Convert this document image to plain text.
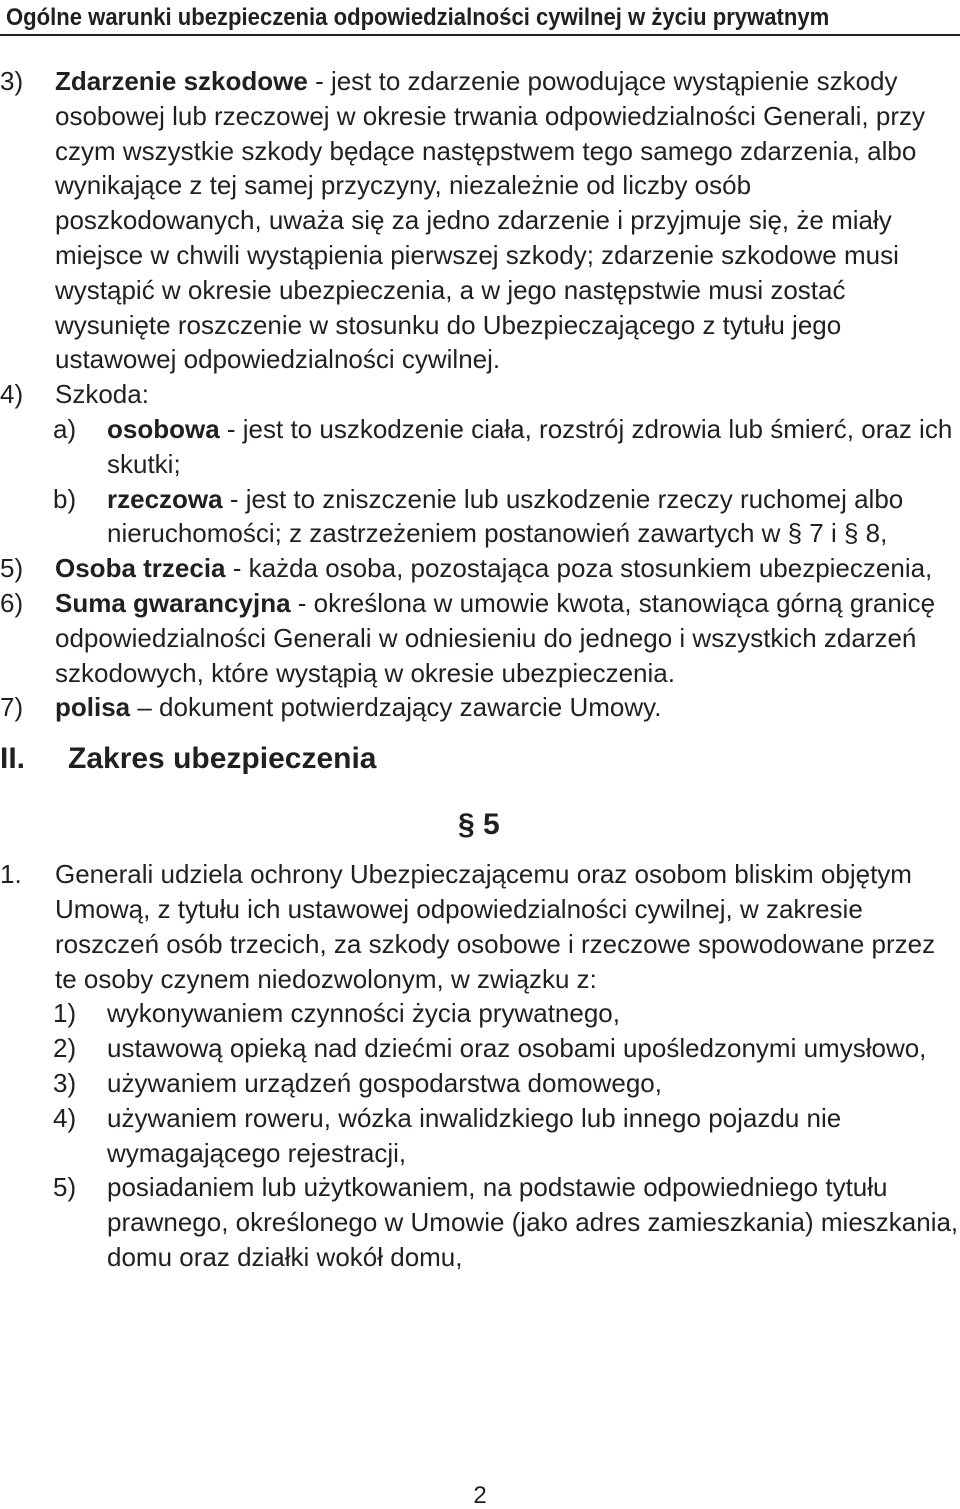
Ogólne warunki ubezpieczenia odpowiedzialności cywilnej w życiu prywatnym
3) Zdarzenie szkodowe - jest to zdarzenie powodujące wystąpienie szkody osobowej lub rzeczowej w okresie trwania odpowiedzialności Generali, przy czym wszystkie szkody będące następstwem tego samego zdarzenia, albo wynikające z tej samej przyczyny, niezależnie od liczby osób poszkodowanych, uważa się za jedno zdarzenie i przyjmuje się, że miały miejsce w chwili wystąpienia pierwszej szkody; zdarzenie szkodowe musi wystąpić w okresie ubezpieczenia, a w jego następstwie musi zostać wysunięte roszczenie w stosunku do Ubezpieczającego z tytułu jego ustawowej odpowiedzialności cywilnej.
4) Szkoda:
a) osobowa - jest to uszkodzenie ciała, rozstrój zdrowia lub śmierć, oraz ich skutki;
b) rzeczowa - jest to zniszczenie lub uszkodzenie rzeczy ruchomej albo nieruchomości; z zastrzeżeniem postanowień zawartych w § 7 i § 8,
5) Osoba trzecia - każda osoba, pozostająca poza stosunkiem ubezpieczenia,
6) Suma gwarancyjna - określona w umowie kwota, stanowiąca górną granicę odpowiedzialności Generali w odniesieniu do jednego i wszystkich zdarzeń szkodowych, które wystąpią w okresie ubezpieczenia.
7) polisa – dokument potwierdzający zawarcie Umowy.
II. Zakres ubezpieczenia
§ 5
1. Generali udziela ochrony Ubezpieczającemu oraz osobom bliskim objętym Umową, z tytułu ich ustawowej odpowiedzialności cywilnej, w zakresie roszczeń osób trzecich, za szkody osobowe i rzeczowe spowodowane przez te osoby czynem niedozwolonym, w związku z:
1) wykonywaniem czynności życia prywatnego,
2) ustawową opieką nad dziećmi oraz osobami upośledzonymi umysłowo,
3) używaniem urządzeń gospodarstwa domowego,
4) używaniem roweru, wózka inwalidzkiego lub innego pojazdu nie wymagającego rejestracji,
5) posiadaniem lub użytkowaniem, na podstawie odpowiedniego tytułu prawnego, określonego w Umowie (jako adres zamieszkania) mieszkania, domu oraz działki wokół domu,
2
